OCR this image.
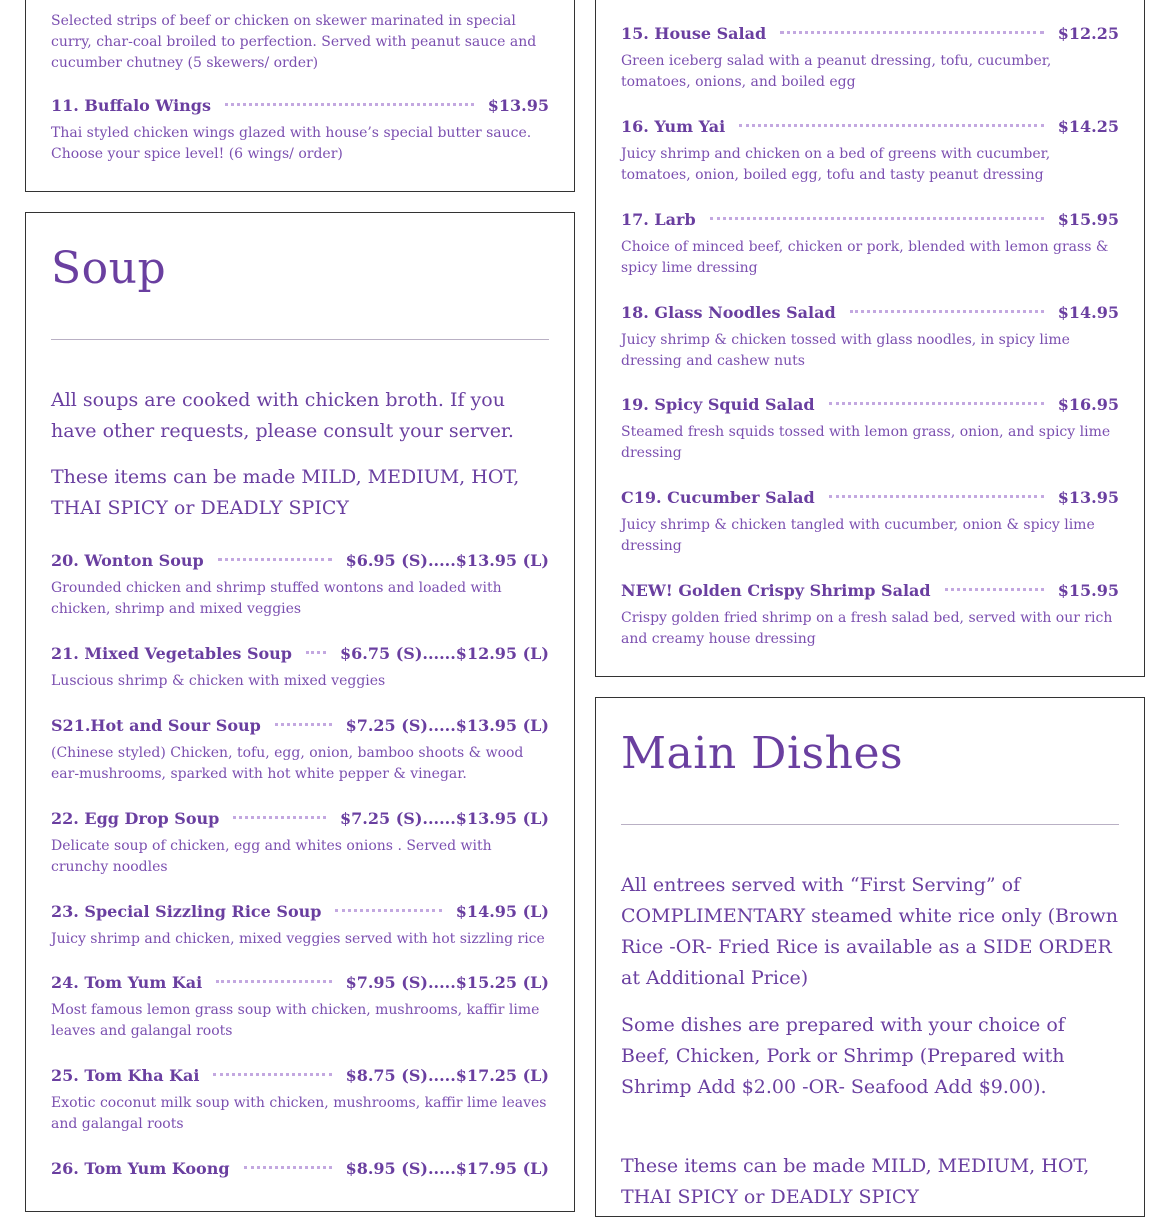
Selected strips of beef or chicken on skewer marinated in special curry, char-coal broiled to perfection. Served with peanut sauce and cucumber chutney (5 skewers/ order)
11. Buffalo Wings	$13.95
Thai styled chicken wings glazed with house’s special butter sauce. Choose your spice level! (6 wings/ order)
Soup
All soups are cooked with chicken broth. If you have other requests, please consult your server.
These items can be made MILD, MEDIUM, HOT, THAI SPICY or DEADLY SPICY
20. Wonton Soup	$6.95 (S).....$13.95 (L)
Grounded chicken and shrimp stuffed wontons and loaded with chicken, shrimp and mixed veggies
21. Mixed Vegetables Soup	$6.75 (S)......$12.95 (L)
Luscious shrimp & chicken with mixed veggies
S21.Hot and Sour Soup	$7.25 (S).....$13.95 (L)
(Chinese styled) Chicken, tofu, egg, onion, bamboo shoots & wood ear-mushrooms, sparked with hot white pepper & vinegar.
22. Egg Drop Soup	$7.25 (S)......$13.95 (L)
Delicate soup of chicken, egg and whites onions . Served with crunchy noodles
23. Special Sizzling Rice Soup	$14.95 (L)
Juicy shrimp and chicken, mixed veggies served with hot sizzling rice
24. Tom Yum Kai	$7.95 (S).....$15.25 (L)
Most famous lemon grass soup with chicken, mushrooms, kaffir lime leaves and galangal roots
25. Tom Kha Kai	$8.75 (S).....$17.25 (L)
Exotic coconut milk soup with chicken, mushrooms, kaffir lime leaves and galangal roots
26. Tom Yum Koong	$8.95 (S).....$17.95 (L)
15. House Salad	$12.25
Green iceberg salad with a peanut dressing, tofu, cucumber, tomatoes, onions, and boiled egg
16. Yum Yai	$14.25
Juicy shrimp and chicken on a bed of greens with cucumber, tomatoes, onion, boiled egg, tofu and tasty peanut dressing
17. Larb	$15.95
Choice of minced beef, chicken or pork, blended with lemon grass & spicy lime dressing
18. Glass Noodles Salad	$14.95
Juicy shrimp & chicken tossed with glass noodles, in spicy lime dressing and cashew nuts
19. Spicy Squid Salad	$16.95
Steamed fresh squids tossed with lemon grass, onion, and spicy lime dressing
C19. Cucumber Salad	$13.95
Juicy shrimp & chicken tangled with cucumber, onion & spicy lime dressing
NEW! Golden Crispy Shrimp Salad	$15.95
Crispy golden fried shrimp on a fresh salad bed, served with our rich and creamy house dressing
Main Dishes
All entrees served with “First Serving” of COMPLIMENTARY steamed white rice only (Brown Rice -OR- Fried Rice is available as a SIDE ORDER at Additional Price)
Some dishes are prepared with your choice of Beef, Chicken, Pork or Shrimp (Prepared with Shrimp Add $2.00 -OR- Seafood Add $9.00).
These items can be made MILD, MEDIUM, HOT, THAI SPICY or DEADLY SPICY
